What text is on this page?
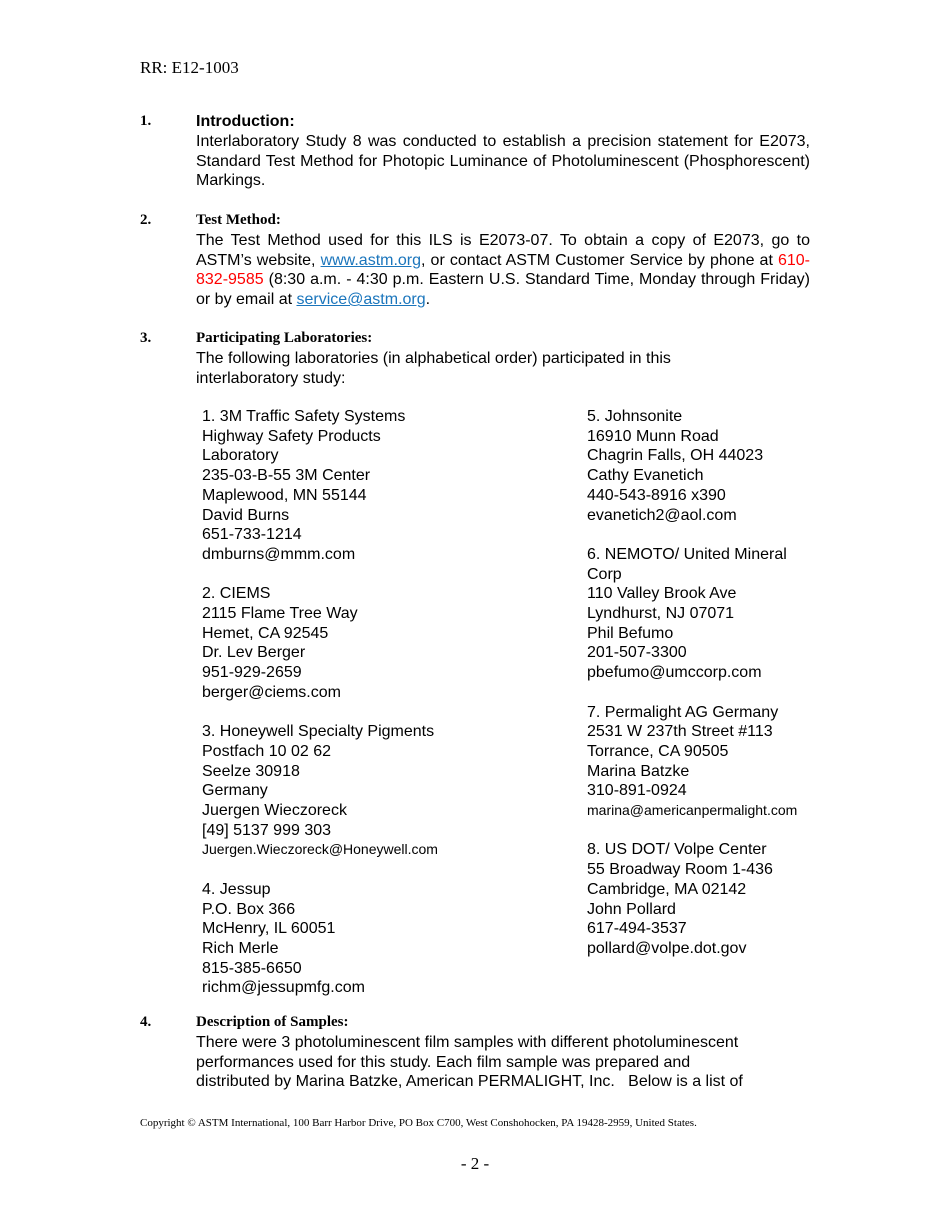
RR: E12-1003
1.	Introduction:
Interlaboratory Study 8 was conducted to establish a precision statement for E2073, Standard Test Method for Photopic Luminance of Photoluminescent (Phosphorescent) Markings.
2.	Test Method:
The Test Method used for this ILS is E2073-07. To obtain a copy of E2073, go to ASTM’s website, www.astm.org, or contact ASTM Customer Service by phone at 610-832-9585 (8:30 a.m. - 4:30 p.m. Eastern U.S. Standard Time, Monday through Friday) or by email at service@astm.org.
3.	Participating Laboratories:
The following laboratories (in alphabetical order) participated in this
interlaboratory study:
1. 3M Traffic Safety Systems
Highway Safety Products
Laboratory
235-03-B-55 3M Center
Maplewood, MN 55144
David Burns
651-733-1214
dmburns@mmm.com
2. CIEMS
2115 Flame Tree Way
Hemet, CA 92545
Dr. Lev Berger
951-929-2659
berger@ciems.com
3. Honeywell Specialty Pigments
Postfach 10 02 62
Seelze 30918
Germany
Juergen Wieczoreck
[49] 5137 999 303
Juergen.Wieczoreck@Honeywell.com
4. Jessup
P.O. Box 366
McHenry, IL 60051
Rich Merle
815-385-6650
richm@jessupmfg.com
5. Johnsonite
16910 Munn Road
Chagrin Falls, OH 44023
Cathy Evanetich
440-543-8916 x390
evanetich2@aol.com
6. NEMOTO/ United Mineral Corp
110 Valley Brook Ave
Lyndhurst, NJ 07071
Phil Befumo
201-507-3300
pbefumo@umccorp.com
7. Permalight AG Germany
2531 W 237th Street #113
Torrance, CA 90505
Marina Batzke
310-891-0924
marina@americanpermalight.com
8. US DOT/ Volpe Center
55 Broadway Room 1-436
Cambridge, MA 02142
John Pollard
617-494-3537
pollard@volpe.dot.gov
4.	Description of Samples:
There were 3 photoluminescent film samples with different photoluminescent
performances used for this study. Each film sample was prepared and
distributed by Marina Batzke, American PERMALIGHT, Inc.   Below is a list of
Copyright © ASTM International, 100 Barr Harbor Drive, PO Box C700, West Conshohocken, PA 19428-2959, United States.
- 2 -
